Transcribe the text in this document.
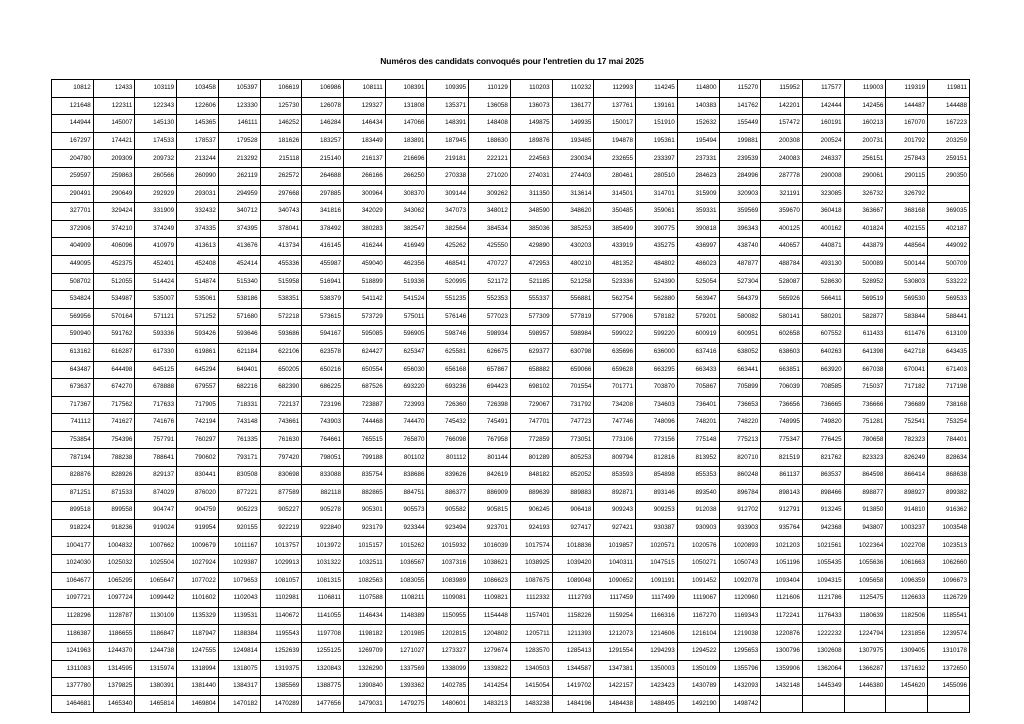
Numéros des candidats convoqués pour l'entretien du 17 mai 2025
10812	12433	103119	103458	105397	106619	106986	108111	108391	109395	110129	110203	110232	112993	114245	114800	115270	115952	117577	119003	119319	119811
121648	122311	122343	122606	123330	125730	126078	129327	131808	135371	136058	136073	136177	137761	139161	140383	141762	142201	142444	142456	144487	144488
144944	145007	145130	145365	146111	146252	146284	146434	147066	148391	148408	149875	149935	150017	151910	152632	155449	157472	160191	160213	167070	167223
167297	174421	174533	178537	179528	181626	183257	183449	183891	187945	188630	189876	193485	194878	195361	195494	199881	200308	200524	200731	201792	203259
204780	209309	209732	213244	213292	215118	215140	216137	216696	219181	222121	224563	230034	232655	233397	237331	239539	240083	246337	256151	257843	259151
259597	259863	260566	260990	262119	262572	264688	266166	266250	270338	271020	274031	274403	280461	280510	284623	284996	287778	290008	290061	290115	290350
290491	290649	292929	293031	294959	297668	297885	300964	308370	309144	309262	311350	313614	314501	314701	315909	320903	321191	323085	326732	326792	
327701	329424	331909	332432	340712	340743	341816	342029	343062	347073	348012	348590	348620	350485	359061	359331	359569	359670	360418	363667	368168	369035
372906	374210	374249	374335	374395	378041	378492	380283	382547	382564	384534	385036	385253	385499	390775	390818	396343	400125	400162	401824	402155	402187
404909	406096	410979	413613	413676	413734	416145	416244	416949	425262	425550	429890	430203	433919	435275	436997	438740	440657	440871	443879	448564	449092
449095	452375	452401	452408	452414	455336	455987	459040	462356	468541	470727	472953	480210	481352	484802	486023	487877	488784	493130	500089	500144	500709
508702	512055	514424	514874	515340	515958	516941	518899	519336	520995	521172	521185	521258	523336	524390	525054	527304	528087	528630	528952	530803	533222
534824	534987	535007	535061	538186	538351	538379	541142	541524	551235	552353	555337	556881	562754	562880	563947	564379	565926	566411	569519	569530	569533
569956	570164	571121	571252	571680	572218	573615	573729	575011	576146	577023	577309	577819	577906	578182	579201	580082	580141	580201	582877	583844	588441
590940	591762	593336	593426	593646	593686	594167	595085	596905	598746	598934	598957	598984	599022	599220	600919	600951	602658	607552	611433	611476	613109
613162	616287	617330	619861	621184	622106	623578	624427	625347	625581	626675	629377	630798	635696	636000	637416	638052	638603	640263	641398	642718	643435
643487	644498	645125	645294	649401	650205	650216	650554	656030	656168	657867	658882	659066	659628	663295	663433	663441	663851	663920	667038	670041	671403
673637	674270	678888	679557	682216	682390	686225	687526	693220	693236	694423	698102	701554	701771	703870	705867	705899	706039	708585	715037	717182	717198
717367	717562	717633	717905	718331	722137	723196	723887	723993	726360	726398	729067	731792	734208	734603	736401	736653	736656	736665	736666	736689	738168
741112	741627	741676	742194	743148	743661	743903	744468	744470	745432	745491	747701	747723	747746	748096	748201	748220	748995	749820	751281	752541	753254
753854	754396	757791	760297	761335	761630	764661	765515	765870	766098	767958	772859	773051	773106	773156	775148	775213	775347	776425	780658	782323	784401
787194	788238	788641	790602	793171	797420	798051	799188	801102	801112	801144	801289	805253	809794	812816	813952	820710	821519	821762	823323	826249	828634
828876	828926	829137	830441	830508	830698	833088	835754	838686	839626	842619	848182	852052	853593	854898	855353	860248	861137	863537	864598	866414	868638
871251	871533	874029	876020	877221	877589	882118	882865	884751	886377	886909	889639	889883	892871	893146	893540	896784	898143	898466	898877	898927	899382
899518	899558	904747	904759	905223	905227	905278	905301	905573	905582	905815	906245	906418	909243	909253	912038	912702	912791	913245	913850	914810	916362
918224	918236	919024	919954	920155	922219	922840	923179	923344	923494	923701	924193	927417	927421	930387	930903	933903	935764	942368	943807	1003237	1003548
1004177	1004832	1007662	1009679	1011167	1013757	1013972	1015157	1015262	1015932	1016039	1017574	1018836	1019857	1020571	1020576	1020893	1021203	1021561	1022364	1022708	1023513
1024030	1025032	1025504	1027924	1029387	1029913	1031322	1032511	1036567	1037316	1038621	1038925	1039420	1040311	1047515	1050271	1050743	1051196	1055435	1055636	1061663	1062660
1064677	1065295	1065647	1077022	1079653	1081057	1081315	1082563	1083055	1083989	1086623	1087675	1089048	1090652	1091191	1091452	1092078	1093404	1094315	1095658	1096359	1096673
1097721	1097724	1099442	1101602	1102043	1102981	1106811	1107588	1108211	1109081	1109821	1112332	1112793	1117459	1117499	1119067	1120960	1121606	1121786	1125475	1126633	1126729
1128296	1128787	1130109	1135329	1139531	1140672	1141055	1146434	1148389	1150955	1154448	1157401	1158226	1159254	1166316	1167270	1169343	1172241	1176433	1180639	1182506	1185541
1186387	1186655	1186847	1187947	1188384	1195543	1197708	1198182	1201985	1202815	1204802	1205711	1211393	1212073	1214606	1216104	1219038	1220876	1222232	1224794	1231856	1239574
1241963	1244370	1244738	1247555	1249814	1252639	1255125	1269709	1271027	1273327	1279674	1283570	1285413	1291554	1294293	1294522	1295653	1300796	1302608	1307975	1309405	1310178
1311083	1314595	1315974	1318994	1318075	1319375	1320843	1326290	1337569	1338099	1339822	1340503	1344587	1347381	1350003	1350109	1355796	1359906	1362064	1366287	1371632	1372650
1377780	1379825	1380391	1381440	1384317	1385569	1388775	1390840	1393362	1402785	1414254	1415054	1419702	1422157	1423423	1430789	1432093	1432148	1445349	1446380	1454620	1455096
1464681	1465340	1465814	1469804	1470182	1470289	1477656	1479031	1479275	1480601	1483213	1483238	1484196	1484438	1488495	1492190	1498742					
